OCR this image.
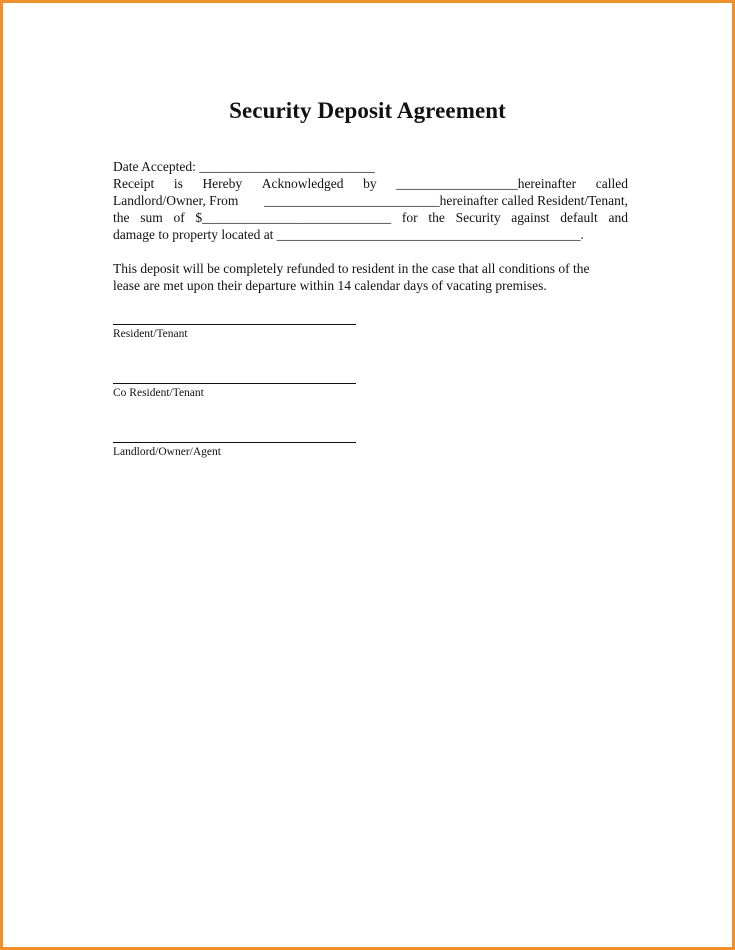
Security Deposit Agreement
Date Accepted: __________________________
Receipt is Hereby Acknowledged by __________________hereinafter called
Landlord/Owner, From __________________________hereinafter called Resident/Tenant,
the sum of $____________________________ for the Security against default and
damage to property located at _____________________________________________.
This deposit will be completely refunded to resident in the case that all conditions of the
lease are met upon their departure within 14 calendar days of vacating premises.
Resident/Tenant
Co Resident/Tenant
Landlord/Owner/Agent
